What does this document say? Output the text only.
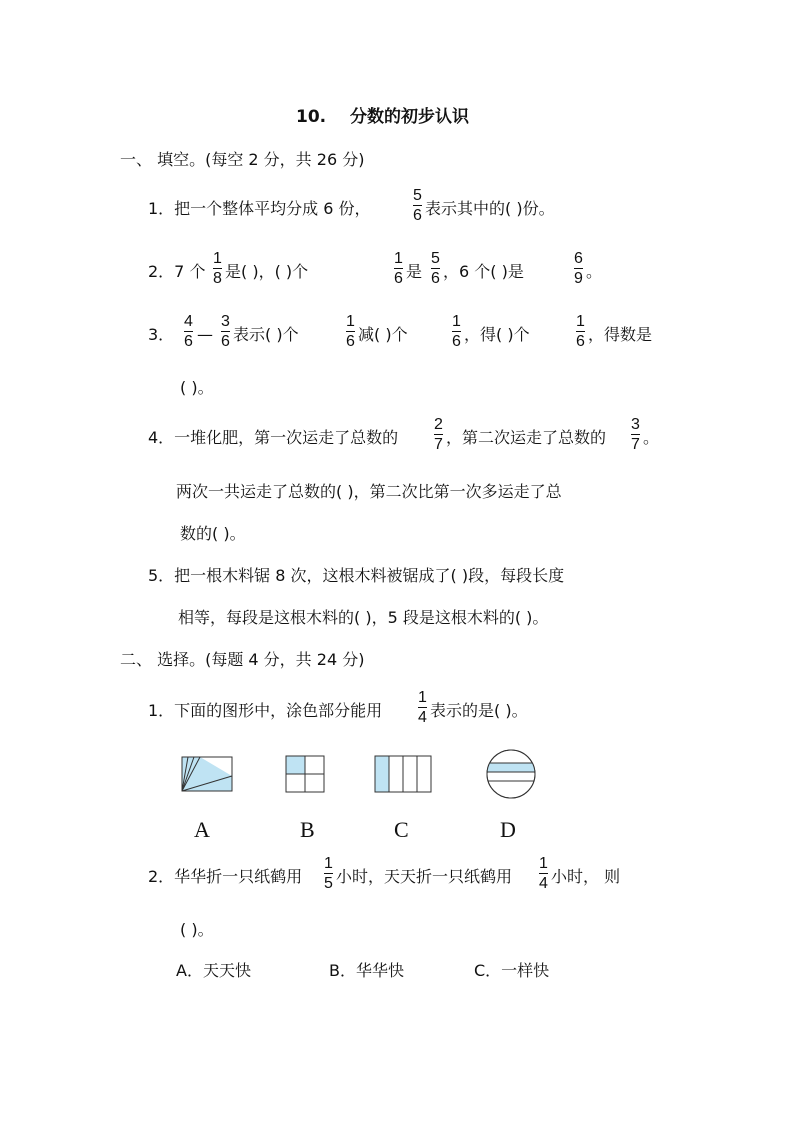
10. 分数的初步认识
一、 填空。(每空 2 分，共 26 分)
1．把一个整体平均分成 6 份，
5
6 表示其中的( )份。
2．7 个
1
8 是( )，( )个
1
6 是
5
6 ，6 个( )是
6
9 。
3．
4
6 —
3
6 表示( )个
1
6 减( )个
1
6 ，得( )个
1
6 ，得数是
( )。
4．一堆化肥，第一次运走了总数的
2
7 ，第二次运走了总数的
3
7 。
两次一共运走了总数的( )，第二次比第一次多运走了总
数的( )。
5．把一根木料锯 8 次，这根木料被锯成了( )段，每段长度
相等，每段是这根木料的( )，5 段是这根木料的( )。
二、 选择。(每题 4 分，共 24 分)
1．下面的图形中，涂色部分能用
1
4 表示的是( )。
A	B	C	D
2．华华折一只纸鹤用
1
5 小时，天天折一只纸鹤用
1
4 小时， 则
( )。
A．天天快	B．华华快	C．一样快
